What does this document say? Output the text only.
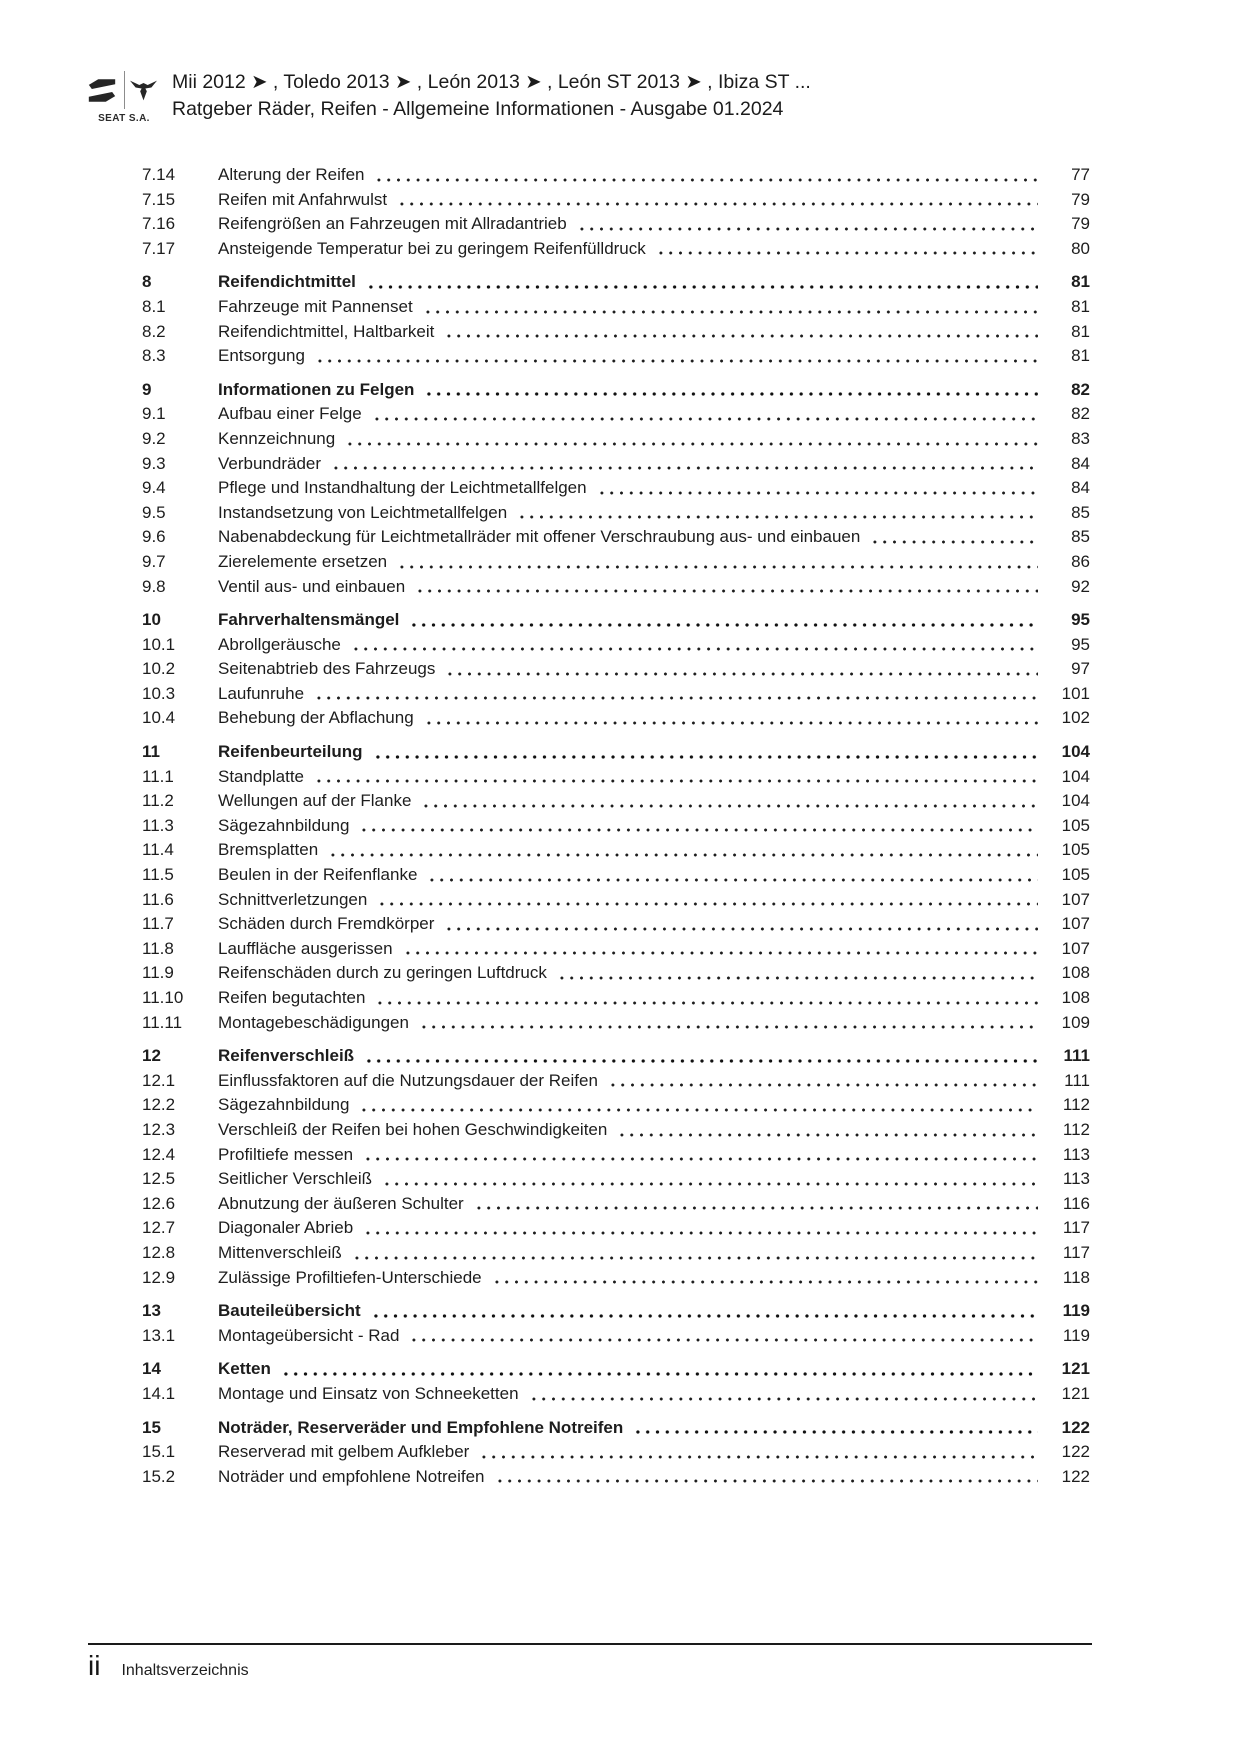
SEAT S.A.
Mii 2012 ➤ , Toledo 2013 ➤ , León 2013 ➤ , León ST 2013 ➤ , Ibiza ST ...
Ratgeber Räder, Reifen - Allgemeine Informationen - Ausgabe 01.2024
7.14	Alterung der Reifen	77
7.15	Reifen mit Anfahrwulst	79
7.16	Reifengrößen an Fahrzeugen mit Allradantrieb	79
7.17	Ansteigende Temperatur bei zu geringem Reifenfülldruck	80
8	Reifendichtmittel	81
8.1	Fahrzeuge mit Pannenset	81
8.2	Reifendichtmittel, Haltbarkeit	81
8.3	Entsorgung	81
9	Informationen zu Felgen	82
9.1	Aufbau einer Felge	82
9.2	Kennzeichnung	83
9.3	Verbundräder	84
9.4	Pflege und Instandhaltung der Leichtmetallfelgen	84
9.5	Instandsetzung von Leichtmetallfelgen	85
9.6	Nabenabdeckung für Leichtmetallräder mit offener Verschraubung aus- und einbauen	85
9.7	Zierelemente ersetzen	86
9.8	Ventil aus- und einbauen	92
10	Fahrverhaltensmängel	95
10.1	Abrollgeräusche	95
10.2	Seitenabtrieb des Fahrzeugs	97
10.3	Laufunruhe	101
10.4	Behebung der Abflachung	102
11	Reifenbeurteilung	104
11.1	Standplatte	104
11.2	Wellungen auf der Flanke	104
11.3	Sägezahnbildung	105
11.4	Bremsplatten	105
11.5	Beulen in der Reifenflanke	105
11.6	Schnittverletzungen	107
11.7	Schäden durch Fremdkörper	107
11.8	Lauffläche ausgerissen	107
11.9	Reifenschäden durch zu geringen Luftdruck	108
11.10	Reifen begutachten	108
11.11	Montagebeschädigungen	109
12	Reifenverschleiß	111
12.1	Einflussfaktoren auf die Nutzungsdauer der Reifen	111
12.2	Sägezahnbildung	112
12.3	Verschleiß der Reifen bei hohen Geschwindigkeiten	112
12.4	Profiltiefe messen	113
12.5	Seitlicher Verschleiß	113
12.6	Abnutzung der äußeren Schulter	116
12.7	Diagonaler Abrieb	117
12.8	Mittenverschleiß	117
12.9	Zulässige Profiltiefen-Unterschiede	118
13	Bauteileübersicht	119
13.1	Montageübersicht - Rad	119
14	Ketten	121
14.1	Montage und Einsatz von Schneeketten	121
15	Noträder, Reserveräder und Empfohlene Notreifen	122
15.1	Reserverad mit gelbem Aufkleber	122
15.2	Noträder und empfohlene Notreifen	122
ii Inhaltsverzeichnis
